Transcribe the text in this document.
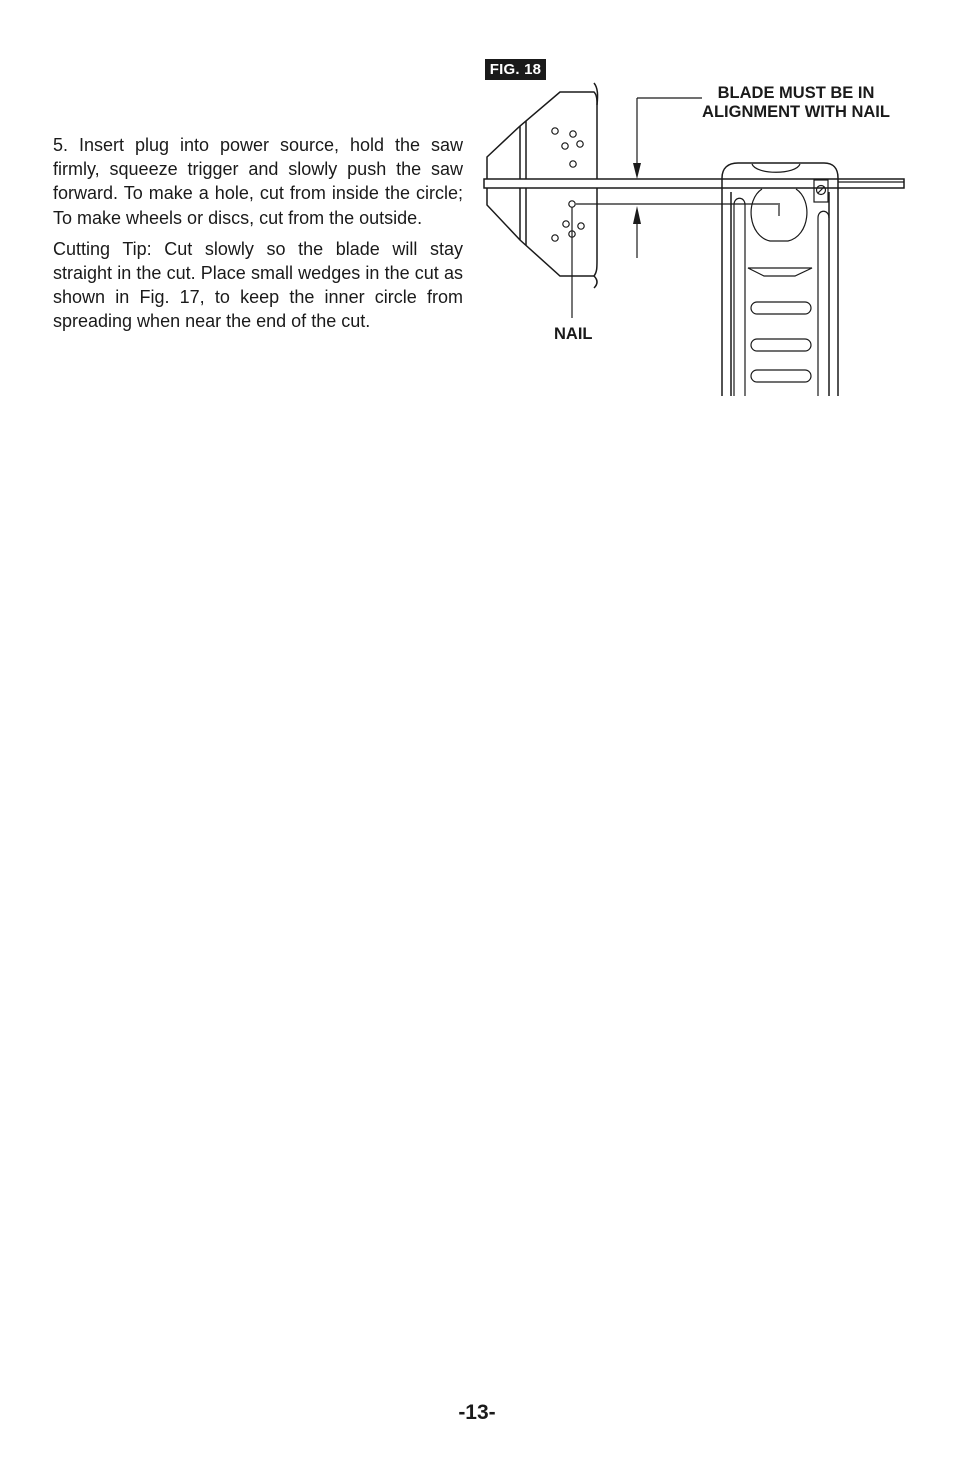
5. Insert plug into power source, hold the saw firmly, squeeze trigger and slowly push the saw forward. To make a hole, cut from inside the circle; To make wheels or discs, cut from the outside.

Cutting Tip: Cut slowly so the blade will stay straight in the cut. Place small wedges in the cut as shown in Fig. 17, to keep the inner circle from spreading when near the end of the cut.

FIG. 18
BLADE MUST BE IN
ALIGNMENT WITH NAIL
NAIL
-13-
